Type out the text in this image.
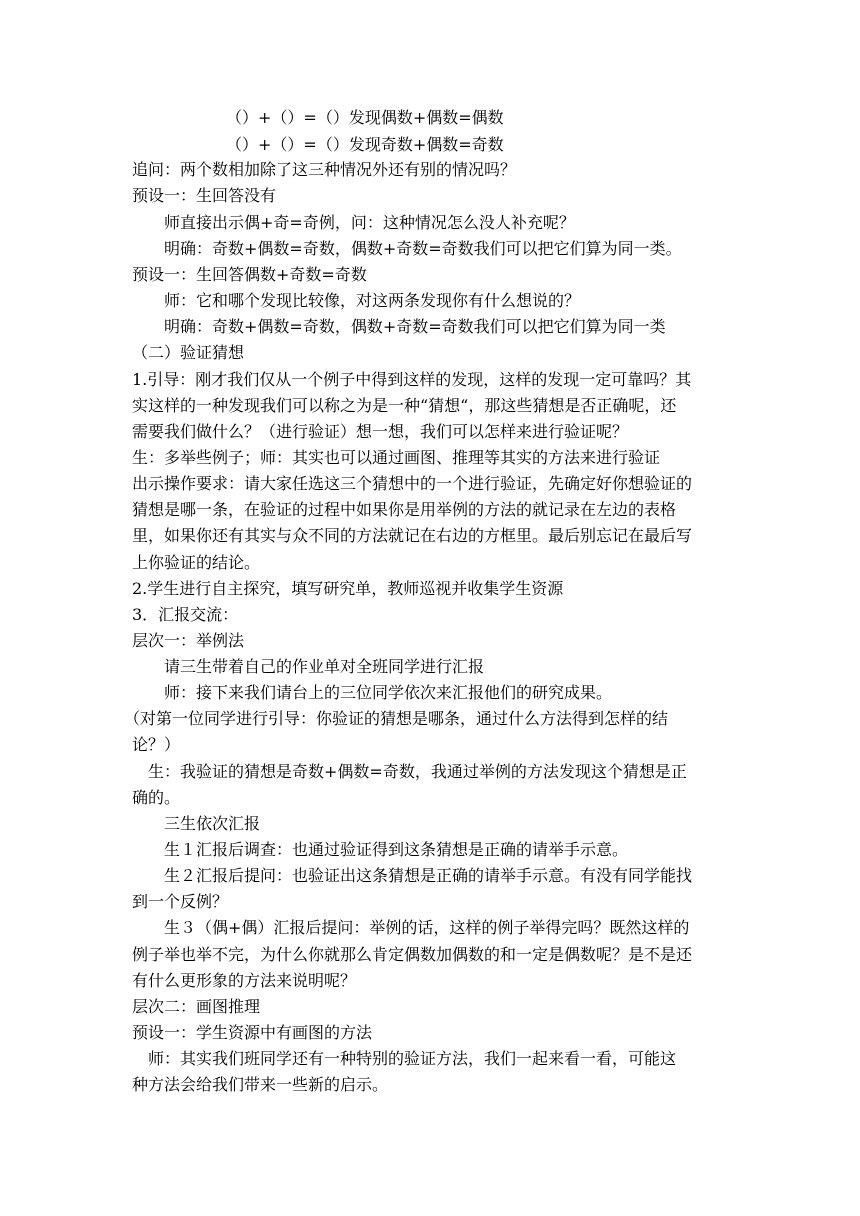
（）+（）=（）发现偶数+偶数=偶数
（）+（）=（）发现奇数+偶数=奇数
追问：两个数相加除了这三种情况外还有别的情况吗？
预设一：生回答没有
师直接出示偶+奇=奇例，问：这种情况怎么没人补充呢？
明确：奇数+偶数=奇数，偶数+奇数=奇数我们可以把它们算为同一类。
预设一：生回答偶数+奇数=奇数
师：它和哪个发现比较像，对这两条发现你有什么想说的？
明确：奇数+偶数=奇数，偶数+奇数=奇数我们可以把它们算为同一类
（二）验证猜想
1.引导：刚才我们仅从一个例子中得到这样的发现，这样的发现一定可靠吗？其
实这样的一种发现我们可以称之为是一种“猜想“，那这些猜想是否正确呢，还
需要我们做什么？（进行验证）想一想，我们可以怎样来进行验证呢？
生：多举些例子；师：其实也可以通过画图、推理等其实的方法来进行验证
出示操作要求：请大家任选这三个猜想中的一个进行验证，先确定好你想验证的
猜想是哪一条，在验证的过程中如果你是用举例的方法的就记录在左边的表格
里，如果你还有其实与众不同的方法就记在右边的方框里。最后别忘记在最后写
上你验证的结论。
2.学生进行自主探究，填写研究单，教师巡视并收集学生资源
3．汇报交流：
层次一：举例法
请三生带着自己的作业单对全班同学进行汇报
师：接下来我们请台上的三位同学依次来汇报他们的研究成果。
（对第一位同学进行引导：你验证的猜想是哪条，通过什么方法得到怎样的结
论？）
生：我验证的猜想是奇数+偶数=奇数，我通过举例的方法发现这个猜想是正
确的。
三生依次汇报
生１汇报后调查：也通过验证得到这条猜想是正确的请举手示意。
生２汇报后提问：也验证出这条猜想是正确的请举手示意。有没有同学能找
到一个反例？
生３（偶+偶）汇报后提问：举例的话，这样的例子举得完吗？既然这样的
例子举也举不完，为什么你就那么肯定偶数加偶数的和一定是偶数呢？是不是还
有什么更形象的方法来说明呢？
层次二：画图推理
预设一：学生资源中有画图的方法
师：其实我们班同学还有一种特别的验证方法，我们一起来看一看，可能这
种方法会给我们带来一些新的启示。
